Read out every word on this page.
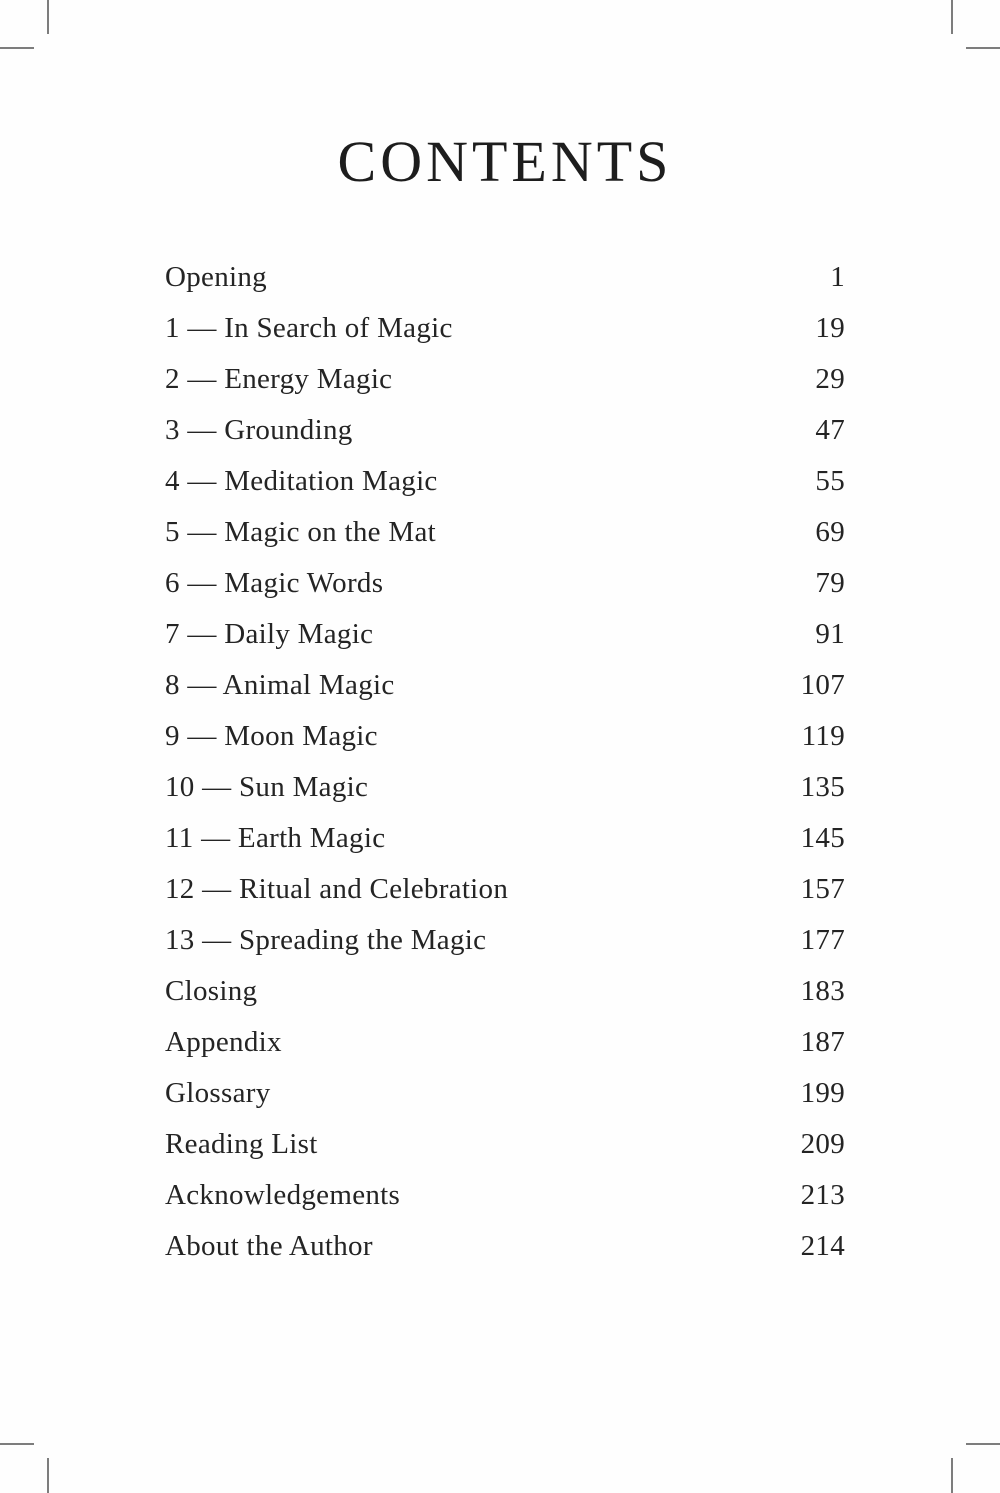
CONTENTS
Opening	1
1 — In Search of Magic	19
2 — Energy Magic	29
3 — Grounding	47
4 — Meditation Magic	55
5 — Magic on the Mat	69
6 — Magic Words	79
7 — Daily Magic	91
8 — Animal Magic	107
9 — Moon Magic	119
10 — Sun Magic	135
11 — Earth Magic	145
12 — Ritual and Celebration	157
13 — Spreading the Magic	177
Closing	183
Appendix	187
Glossary	199
Reading List	209
Acknowledgements	213
About the Author	214
